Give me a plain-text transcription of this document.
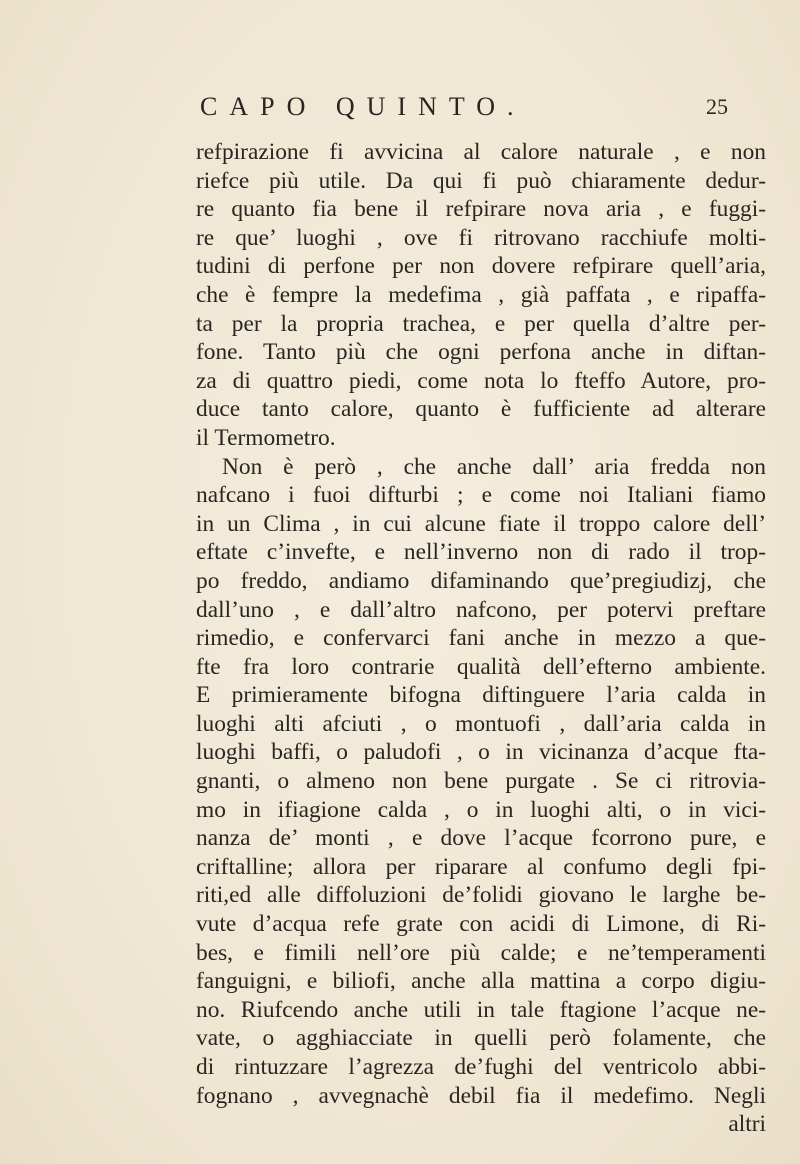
CAPO QUINTO.	25
refpirazione fi avvicina al calore naturale , e non
riefce più utile. Da qui fi può chiaramente dedur-
re quanto fia bene il refpirare nova aria , e fuggi-
re que’ luoghi , ove fi ritrovano racchiufe molti-
tudini di perfone per non dovere refpirare quell’aria,
che è fempre la medefima , già paffata , e ripaffa-
ta per la propria trachea, e per quella d’altre per-
fone. Tanto più che ogni perfona anche in diftan-
za di quattro piedi, come nota lo fteffo Autore, pro-
duce tanto calore, quanto è fufficiente ad alterare
il Termometro.
Non è però , che anche dall’ aria fredda non
nafcano i fuoi difturbi ; e come noi Italiani fiamo
in un Clima , in cui alcune fiate il troppo calore dell’
eftate c’invefte, e nell’inverno non di rado il trop-
po freddo, andiamo difaminando que’pregiudizj, che
dall’uno , e dall’altro nafcono, per potervi preftare
rimedio, e confervarci fani anche in mezzo a que-
fte fra loro contrarie qualità dell’efterno ambiente.
E primieramente bifogna diftinguere l’aria calda in
luoghi alti afciuti , o montuofi , dall’aria calda in
luoghi baffi, o paludofi , o in vicinanza d’acque fta-
gnanti, o almeno non bene purgate . Se ci ritrovia-
mo in ifiagione calda , o in luoghi alti, o in vici-
nanza de’ monti , e dove l’acque fcorrono pure, e
criftalline; allora per riparare al confumo degli fpi-
riti,ed alle diffoluzioni de’folidi giovano le larghe be-
vute d’acqua refe grate con acidi di Limone, di Ri-
bes, e fimili nell’ore più calde; e ne’temperamenti
fanguigni, e biliofi, anche alla mattina a corpo digiu-
no. Riufcendo anche utili in tale ftagione l’acque ne-
vate, o agghiacciate in quelli però folamente, che
di rintuzzare l’agrezza de’fughi del ventricolo abbi-
fognano , avvegnachè debil fia il medefimo. Negli
altri
